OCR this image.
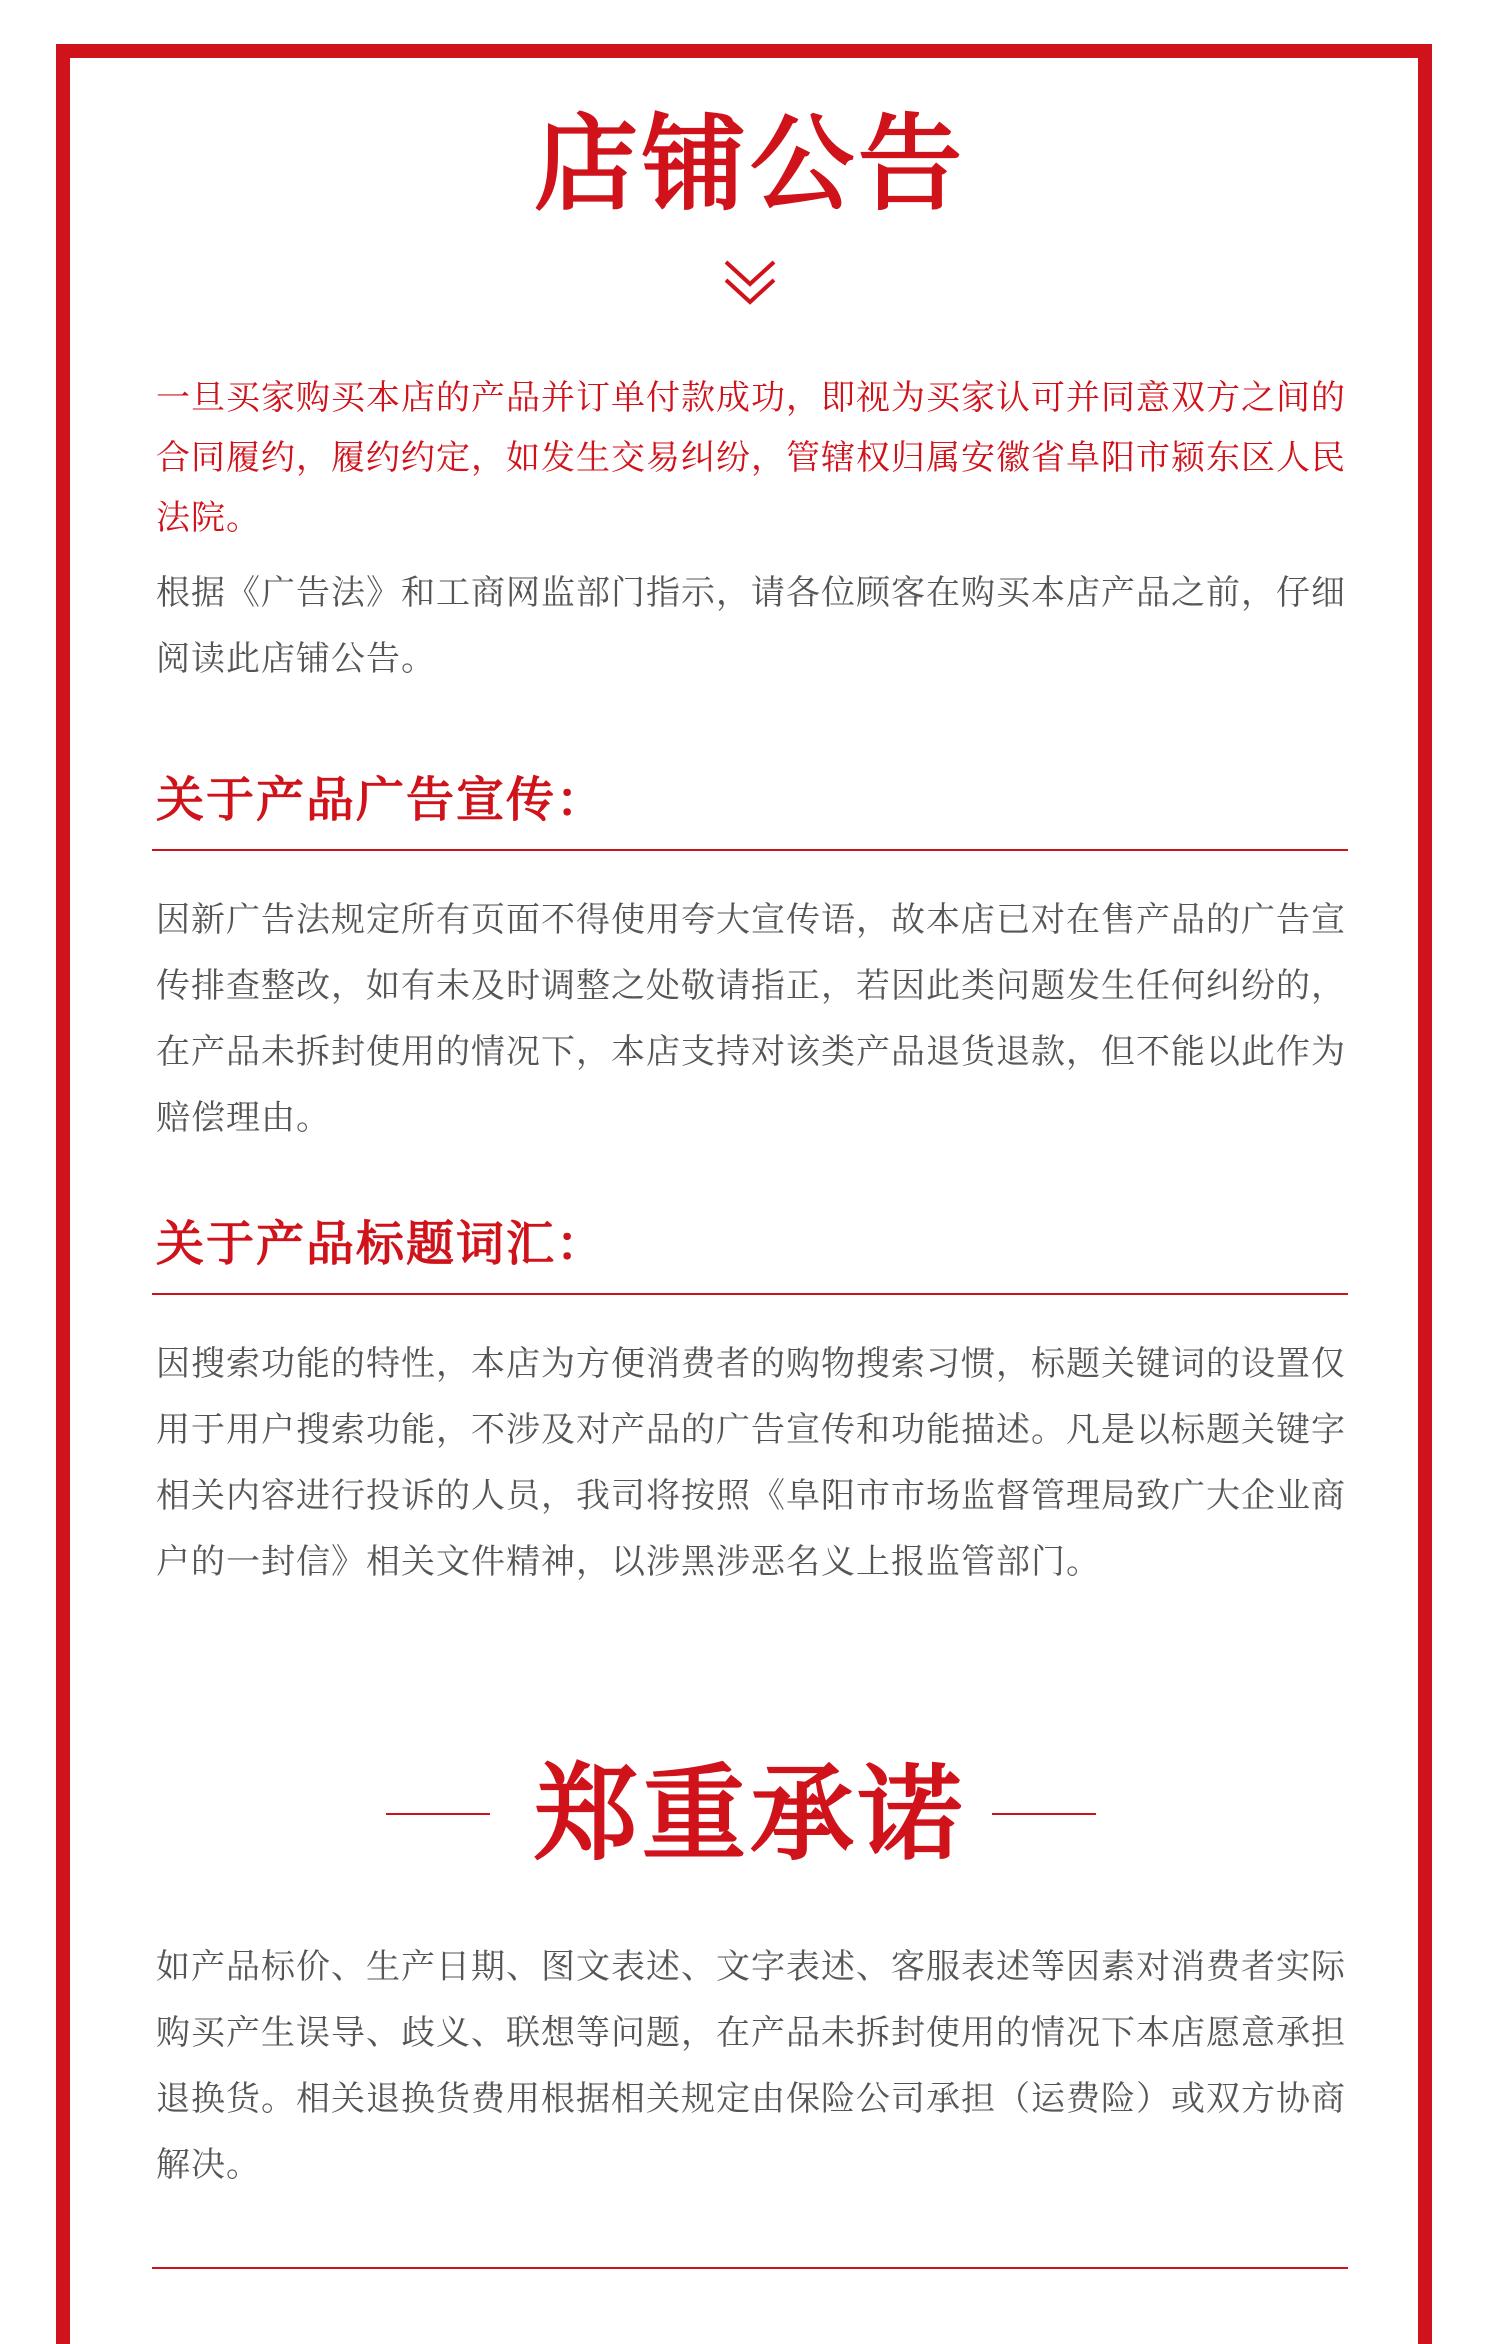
店铺公告

一旦买家购买本店的产品并订单付款成功，即视为买家认可并同意双方之间的合同履约，履约约定，如发生交易纠纷，管辖权归属安徽省阜阳市颍东区人民法院。

根据《广告法》和工商网监部门指示，请各位顾客在购买本店产品之前，仔细阅读此店铺公告。

关于产品广告宣传：

因新广告法规定所有页面不得使用夸大宣传语，故本店已对在售产品的广告宣传排查整改，如有未及时调整之处敬请指正，若因此类问题发生任何纠纷的，在产品未拆封使用的情况下，本店支持对该类产品退货退款，但不能以此作为赔偿理由。

关于产品标题词汇：

因搜索功能的特性，本店为方便消费者的购物搜索习惯，标题关键词的设置仅用于用户搜索功能，不涉及对产品的广告宣传和功能描述。凡是以标题关键字相关内容进行投诉的人员，我司将按照《阜阳市市场监督管理局致广大企业商户的一封信》相关文件精神，以涉黑涉恶名义上报监管部门。

郑重承诺

如产品标价、生产日期、图文表述、文字表述、客服表述等因素对消费者实际购买产生误导、歧义、联想等问题，在产品未拆封使用的情况下本店愿意承担退换货。相关退换货费用根据相关规定由保险公司承担（运费险）或双方协商解决。
